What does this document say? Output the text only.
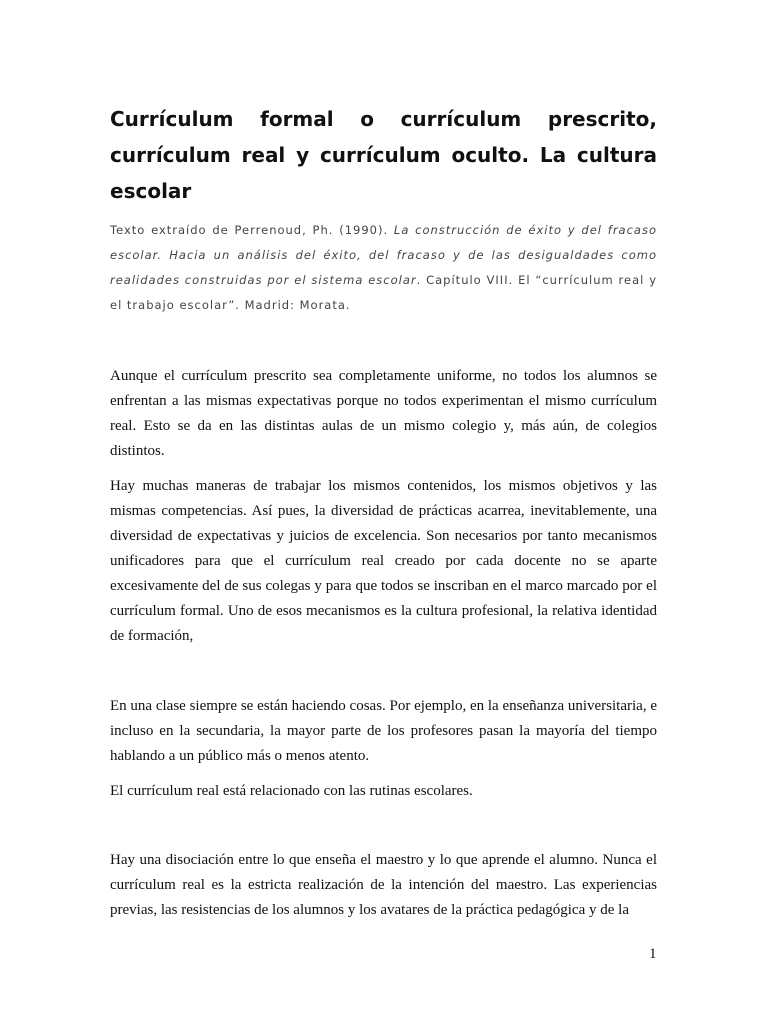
Currículum formal o currículum prescrito, currículum real y currículum oculto. La cultura escolar

Texto extraído de Perrenoud, Ph. (1990). La construcción de éxito y del fracaso escolar. Hacia un análisis del éxito, del fracaso y de las desigualdades como realidades construidas por el sistema escolar. Capítulo VIII. El “currículum real y el trabajo escolar”. Madrid: Morata.

Aunque el currículum prescrito sea completamente uniforme, no todos los alumnos se enfrentan a las mismas expectativas porque no todos experimentan el mismo currículum real. Esto se da en las distintas aulas de un mismo colegio y, más aún, de colegios distintos.

Hay muchas maneras de trabajar los mismos contenidos, los mismos objetivos y las mismas competencias. Así pues, la diversidad de prácticas acarrea, inevitablemente, una diversidad de expectativas y juicios de excelencia. Son necesarios por tanto mecanismos unificadores para que el currículum real creado por cada docente no se aparte excesivamente del de sus colegas y para que todos se inscriban en el marco marcado por el currículum formal. Uno de esos mecanismos es la cultura profesional, la relativa identidad de formación,

En una clase siempre se están haciendo cosas. Por ejemplo, en la enseñanza universitaria, e incluso en la secundaria, la mayor parte de los profesores pasan la mayoría del tiempo hablando a un público más o menos atento.

El currículum real está relacionado con las rutinas escolares.

Hay una disociación entre lo que enseña el maestro y lo que aprende el alumno. Nunca el currículum real es la estricta realización de la intención del maestro. Las experiencias previas, las resistencias de los alumnos y los avatares de la práctica pedagógica y de la

1
